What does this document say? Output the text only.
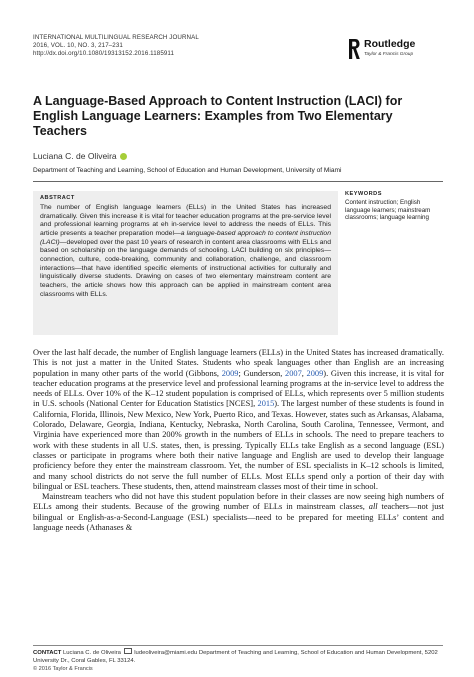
INTERNATIONAL MULTILINGUAL RESEARCH JOURNAL
2016, VOL. 10, NO. 3, 217–231
http://dx.doi.org/10.1080/19313152.2016.1185911
Routledge
Taylor & Francis Group
A Language-Based Approach to Content Instruction (LACI) for English Language Learners: Examples from Two Elementary Teachers
Luciana C. de Oliveira
Department of Teaching and Learning, School of Education and Human Development, University of Miami
ABSTRACT
The number of English language learners (ELLs) in the United States has increased dramatically. Given this increase it is vital for teacher education programs at the pre-service level and professional learning programs at eh in-service level to address the needs of ELLs. This article presents a teacher preparation model—a language-based approach to content instruction (LACI)—developed over the past 10 years of research in content area classrooms with ELLs and based on scholarship on the language demands of schooling. LACI building on six principles—connection, culture, code-breaking, community and collaboration, challenge, and classroom interactions—that have identified specific elements of instructional activities for culturally and linguistically diverse students. Drawing on cases of two elementary mainstream content are teachers, the article shows how this approach can be applied in mainstream content area classrooms with ELLs.
KEYWORDS
Content instruction; English language learners; mainstream classrooms; language learning

Over the last half decade, the number of English language learners (ELLs) in the United States has increased dramatically. This is not just a matter in the United States. Students who speak languages other than English are an increasing population in many other parts of the world (Gibbons, 2009; Gunderson, 2007, 2009). Given this increase, it is vital for teacher education programs at the preservice level and professional learning programs at the in-service level to address the needs of ELLs. Over 10% of the K–12 student population is comprised of ELLs, which represents over 5 million students in U.S. schools (National Center for Education Statistics [NCES], 2015). The largest number of these students is found in California, Florida, Illinois, New Mexico, New York, Puerto Rico, and Texas. However, states such as Arkansas, Alabama, Colorado, Delaware, Georgia, Indiana, Kentucky, Nebraska, North Carolina, South Carolina, Tennessee, Vermont, and Virginia have experienced more than 200% growth in the numbers of ELLs in schools. The need to prepare teachers to work with these students in all U.S. states, then, is pressing. Typically ELLs take English as a second language (ESL) classes or participate in programs where both their native language and English are used to develop their language proficiency before they enter the mainstream classroom. Yet, the number of ESL specialists in K–12 schools is limited, and many school districts do not serve the full number of ELLs. Most ELLs spend only a portion of their day with bilingual or ESL teachers. These students, then, attend mainstream classes most of their time in school.

Mainstream teachers who did not have this student population before in their classes are now seeing high numbers of ELLs among their students. Because of the growing number of ELLs in mainstream classes, all teachers—not just bilingual or English-as-a-Second-Language (ESL) specialists—need to be prepared for meeting ELLs’ content and language needs (Athanases &

CONTACT Luciana C. de Oliveira ludeoliveira@miami.edu Department of Teaching and Learning, School of Education and Human Development, 5202 University Dr., Coral Gables, FL 33124.
© 2016 Taylor & Francis
